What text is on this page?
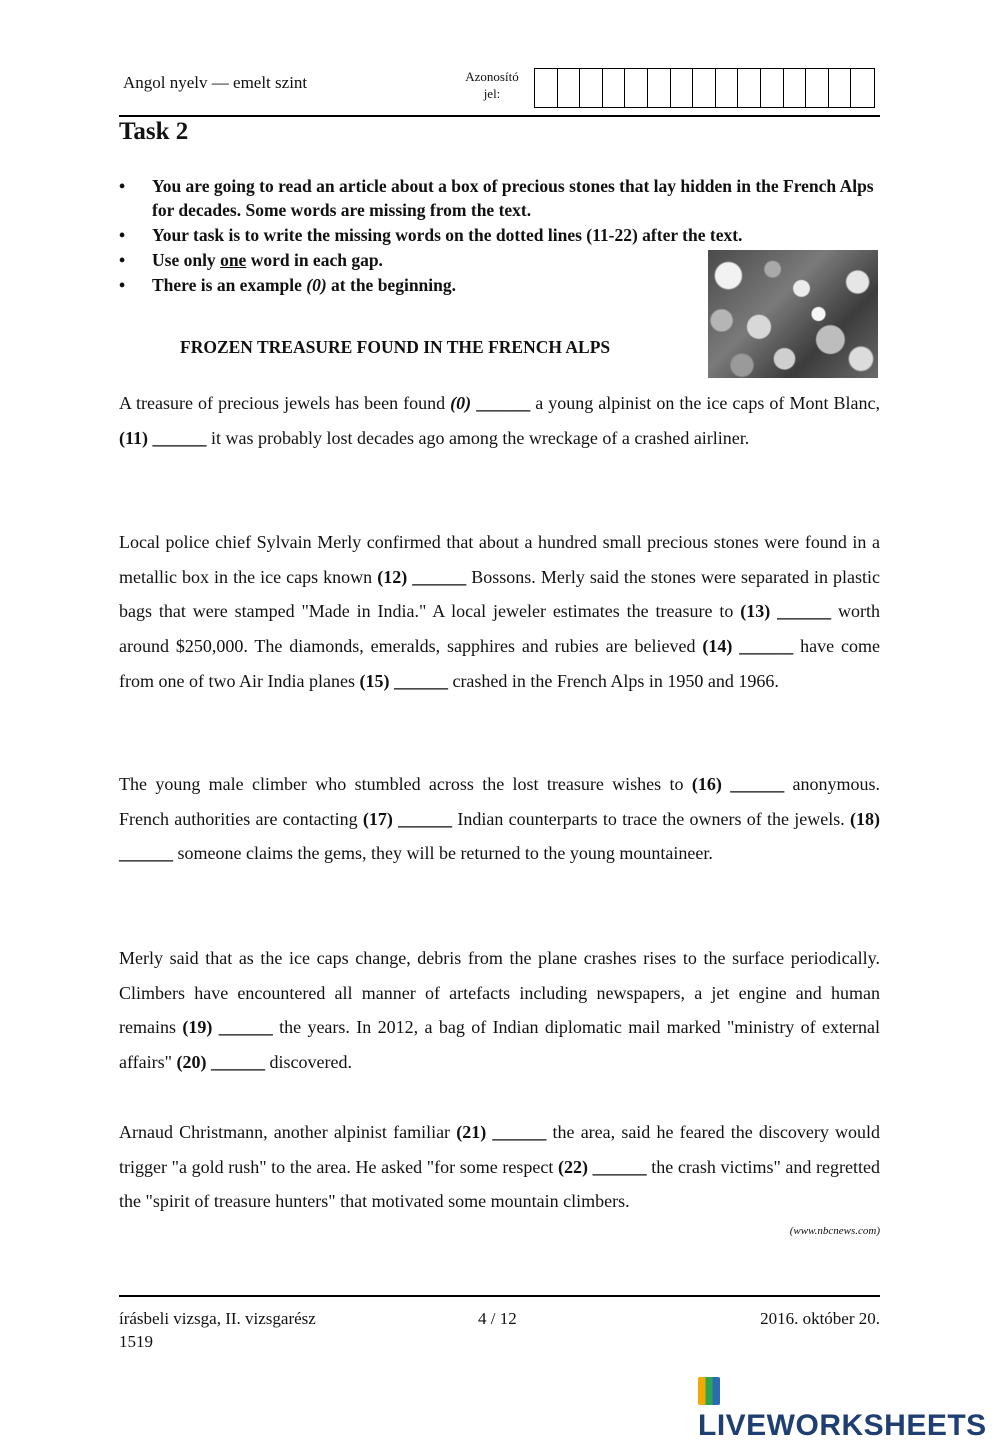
Angol nyelv — emelt szint	Azonosító
jel:
Task 2
• You are going to read an article about a box of precious stones that lay hidden in the French Alps for decades. Some words are missing from the text.
• Your task is to write the missing words on the dotted lines (11-22) after the text.
• Use only one word in each gap.
• There is an example (0) at the beginning.
FROZEN TREASURE FOUND IN THE FRENCH ALPS

A treasure of precious jewels has been found (0) ______ a young alpinist on the ice caps of Mont Blanc, (11) ______ it was probably lost decades ago among the wreckage of a crashed airliner.

Local police chief Sylvain Merly confirmed that about a hundred small precious stones were found in a metallic box in the ice caps known (12) ______ Bossons. Merly said the stones were separated in plastic bags that were stamped "Made in India." A local jeweler estimates the treasure to (13) ______ worth around $250,000. The diamonds, emeralds, sapphires and rubies are believed (14) ______ have come from one of two Air India planes (15) ______ crashed in the French Alps in 1950 and 1966.

The young male climber who stumbled across the lost treasure wishes to (16) ______ anonymous. French authorities are contacting (17) ______ Indian counterparts to trace the owners of the jewels. (18) ______ someone claims the gems, they will be returned to the young mountaineer.

Merly said that as the ice caps change, debris from the plane crashes rises to the surface periodically. Climbers have encountered all manner of artefacts including newspapers, a jet engine and human remains (19) ______ the years. In 2012, a bag of Indian diplomatic mail marked "ministry of external affairs" (20) ______ discovered.

Arnaud Christmann, another alpinist familiar (21) ______ the area, said he feared the discovery would trigger "a gold rush" to the area. He asked "for some respect (22) ______ the crash victims" and regretted the "spirit of treasure hunters" that motivated some mountain climbers.

(www.nbcnews.com)
írásbeli vizsga, II. vizsgarész
1519
4 / 12	2016. október 20.
LIVEWORKSHEETS
